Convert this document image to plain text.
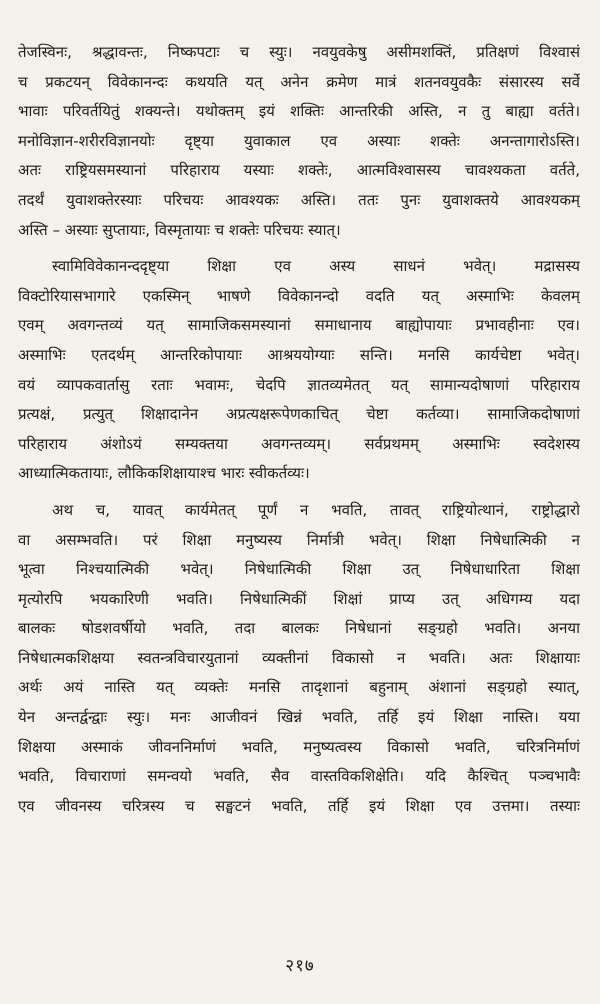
तेजस्विनः, श्रद्धावन्तः, निष्कपटाः च स्युः। नवयुवकेषु असीमशक्तिं, प्रतिक्षणं विश्वासं
च प्रकटयन् विवेकानन्दः कथयति यत् अनेन क्रमेण मात्रं शतनवयुवकैः संसारस्य सर्वे
भावाः परिवर्तयितुं शक्यन्ते। यथोक्तम् इयं शक्तिः आन्तरिकी अस्ति, न तु बाह्या वर्तते।
मनोविज्ञान-शरीरविज्ञानयोः दृष्ट्या युवाकाल एव अस्याः शक्तेः अनन्तागारोऽस्ति।
अतः राष्ट्रियसमस्यानां परिहाराय यस्याः शक्तेः, आत्मविश्वासस्य चावश्यकता वर्तते,
तदर्थं युवाशक्तेरस्याः परिचयः आवश्यकः अस्ति। ततः पुनः युवाशक्तये आवश्यकम्
अस्ति – अस्याः सुप्तायाः, विस्मृतायाः च शक्तेः परिचयः स्यात्।
स्वामिविवेकानन्ददृष्ट्या शिक्षा एव अस्य साधनं भवेत्। मद्रासस्य
विक्टोरियासभागारे एकस्मिन् भाषणे विवेकानन्दो वदति यत् अस्माभिः केवलम्
एवम् अवगन्तव्यं यत् सामाजिकसमस्यानां समाधानाय बाह्योपायाः प्रभावहीनाः एव।
अस्माभिः एतदर्थम् आन्तरिकोपायाः आश्रययोग्याः सन्ति। मनसि कार्यचेष्टा भवेत्।
वयं व्यापकवार्तासु रताः भवामः, चेदपि ज्ञातव्यमेतत् यत् सामान्यदोषाणां परिहाराय
प्रत्यक्षं, प्रत्युत् शिक्षादानेन अप्रत्यक्षरूपेणकाचित् चेष्टा कर्तव्या। सामाजिकदोषाणां
परिहाराय अंशोऽयं सम्यक्तया अवगन्तव्यम्। सर्वप्रथमम् अस्माभिः स्वदेशस्य
आध्यात्मिकतायाः, लौकिकशिक्षायाश्च भारः स्वीकर्तव्यः।
अथ च, यावत् कार्यमेतत् पूर्णं न भवति, तावत् राष्ट्रियोत्थानं, राष्ट्रोद्धारो
वा असम्भवति। परं शिक्षा मनुष्यस्य निर्मात्री भवेत्। शिक्षा निषेधात्मिकी न
भूत्वा निश्चयात्मिकी भवेत्। निषेधात्मिकी शिक्षा उत् निषेधाधारिता शिक्षा
मृत्योरपि भयकारिणी भवति। निषेधात्मिकीं शिक्षां प्राप्य उत् अधिगम्य यदा
बालकः षोडशवर्षीयो भवति, तदा बालकः निषेधानां सङ्ग्रहो भवति। अनया
निषेधात्मकशिक्षया स्वतन्त्रविचारयुतानां व्यक्तीनां विकासो न भवति। अतः शिक्षायाः
अर्थः अयं नास्ति यत् व्यक्तेः मनसि तादृशानां बहुनाम् अंशानां सङ्ग्रहो स्यात्,
येन अन्तर्द्वन्द्वाः स्युः। मनः आजीवनं खिन्नं भवति, तर्हि इयं शिक्षा नास्ति। यया
शिक्षया अस्माकं जीवननिर्माणं भवति, मनुष्यत्वस्य विकासो भवति, चरित्रनिर्माणं
भवति, विचाराणां समन्वयो भवति, सैव वास्तविकशिक्षेति। यदि कैश्चित् पञ्चभावैः
एव जीवनस्य चरित्रस्य च सङ्घटनं भवति, तर्हि इयं शिक्षा एव उत्तमा। तस्याः
२१७
